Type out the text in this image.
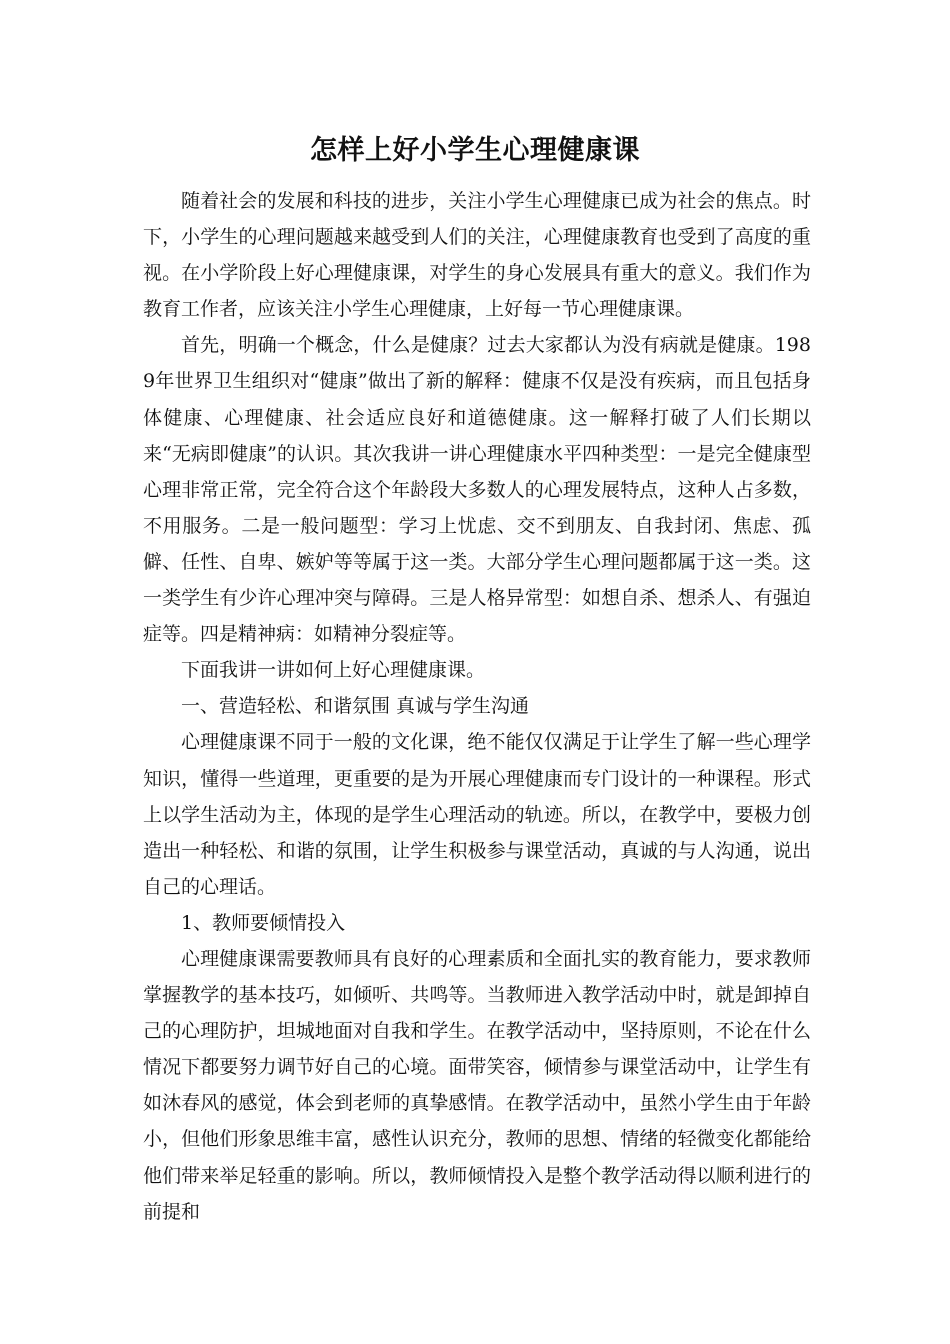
怎样上好小学生心理健康课

随着社会的发展和科技的进步，关注小学生心理健康已成为社会的焦点。时下，小学生的心理问题越来越受到人们的关注，心理健康教育也受到了高度的重视。在小学阶段上好心理健康课，对学生的身心发展具有重大的意义。我们作为教育工作者，应该关注小学生心理健康，上好每一节心理健康课。

首先，明确一个概念，什么是健康？过去大家都认为没有病就是健康。1989年世界卫生组织对“健康”做出了新的解释：健康不仅是没有疾病，而且包括身体健康、心理健康、社会适应良好和道德健康。这一解释打破了人们长期以来“无病即健康”的认识。其次我讲一讲心理健康水平四种类型：一是完全健康型心理非常正常，完全符合这个年龄段大多数人的心理发展特点，这种人占多数，不用服务。二是一般问题型：学习上忧虑、交不到朋友、自我封闭、焦虑、孤僻、任性、自卑、嫉妒等等属于这一类。大部分学生心理问题都属于这一类。这一类学生有少许心理冲突与障碍。三是人格异常型：如想自杀、想杀人、有强迫症等。四是精神病：如精神分裂症等。

下面我讲一讲如何上好心理健康课。

一、营造轻松、和谐氛围 真诚与学生沟通

心理健康课不同于一般的文化课，绝不能仅仅满足于让学生了解一些心理学知识，懂得一些道理，更重要的是为开展心理健康而专门设计的一种课程。形式上以学生活动为主，体现的是学生心理活动的轨迹。所以，在教学中，要极力创造出一种轻松、和谐的氛围，让学生积极参与课堂活动，真诚的与人沟通，说出自己的心理话。

1、教师要倾情投入

心理健康课需要教师具有良好的心理素质和全面扎实的教育能力，要求教师掌握教学的基本技巧，如倾听、共鸣等。当教师进入教学活动中时，就是卸掉自己的心理防护，坦城地面对自我和学生。在教学活动中，坚持原则，不论在什么情况下都要努力调节好自己的心境。面带笑容，倾情参与课堂活动中，让学生有如沐春风的感觉，体会到老师的真挚感情。在教学活动中，虽然小学生由于年龄小，但他们形象思维丰富，感性认识充分，教师的思想、情绪的轻微变化都能给他们带来举足轻重的影响。所以，教师倾情投入是整个教学活动得以顺利进行的前提和
